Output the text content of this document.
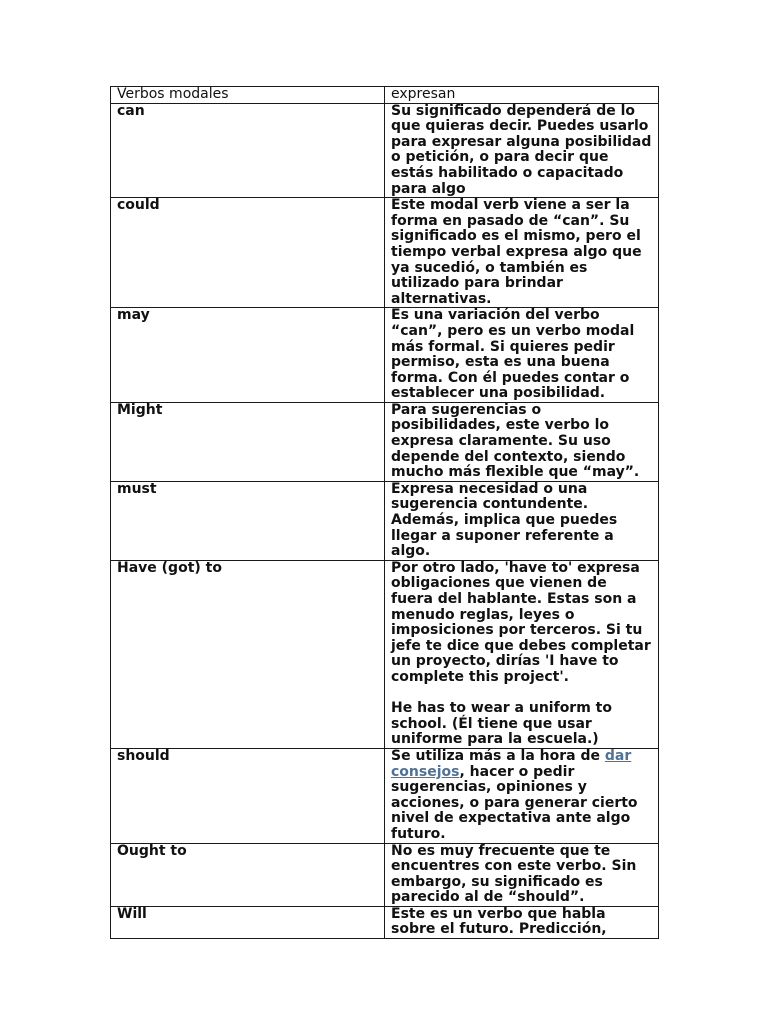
Verbos modales	expresan
can	Su significado dependerá de lo que quieras decir. Puedes usarlo para expresar alguna posibilidad o petición, o para decir que estás habilitado o capacitado para algo
could	Este modal verb viene a ser la forma en pasado de “can”. Su significado es el mismo, pero el tiempo verbal expresa algo que ya sucedió, o también es utilizado para brindar alternativas.
may	Es una variación del verbo “can”, pero es un verbo modal más formal. Si quieres pedir permiso, esta es una buena forma. Con él puedes contar o establecer una posibilidad.
Might	Para sugerencias o posibilidades, este verbo lo expresa claramente. Su uso depende del contexto, siendo mucho más flexible que “may”.
must	Expresa necesidad o una sugerencia contundente. Además, implica que puedes llegar a suponer referente a algo.
Have (got) to	Por otro lado, 'have to' expresa obligaciones que vienen de fuera del hablante. Estas son a menudo reglas, leyes o imposiciones por terceros. Si tu jefe te dice que debes completar un proyecto, dirías 'I have to complete this project'.

He has to wear a uniform to school. (Él tiene que usar uniforme para la escuela.)

should	Se utiliza más a la hora de dar consejos, hacer o pedir sugerencias, opiniones y acciones, o para generar cierto nivel de expectativa ante algo futuro.
Ought to	No es muy frecuente que te encuentres con este verbo. Sin embargo, su significado es parecido al de “should”.
Will	Este es un verbo que habla sobre el futuro. Predicción,
